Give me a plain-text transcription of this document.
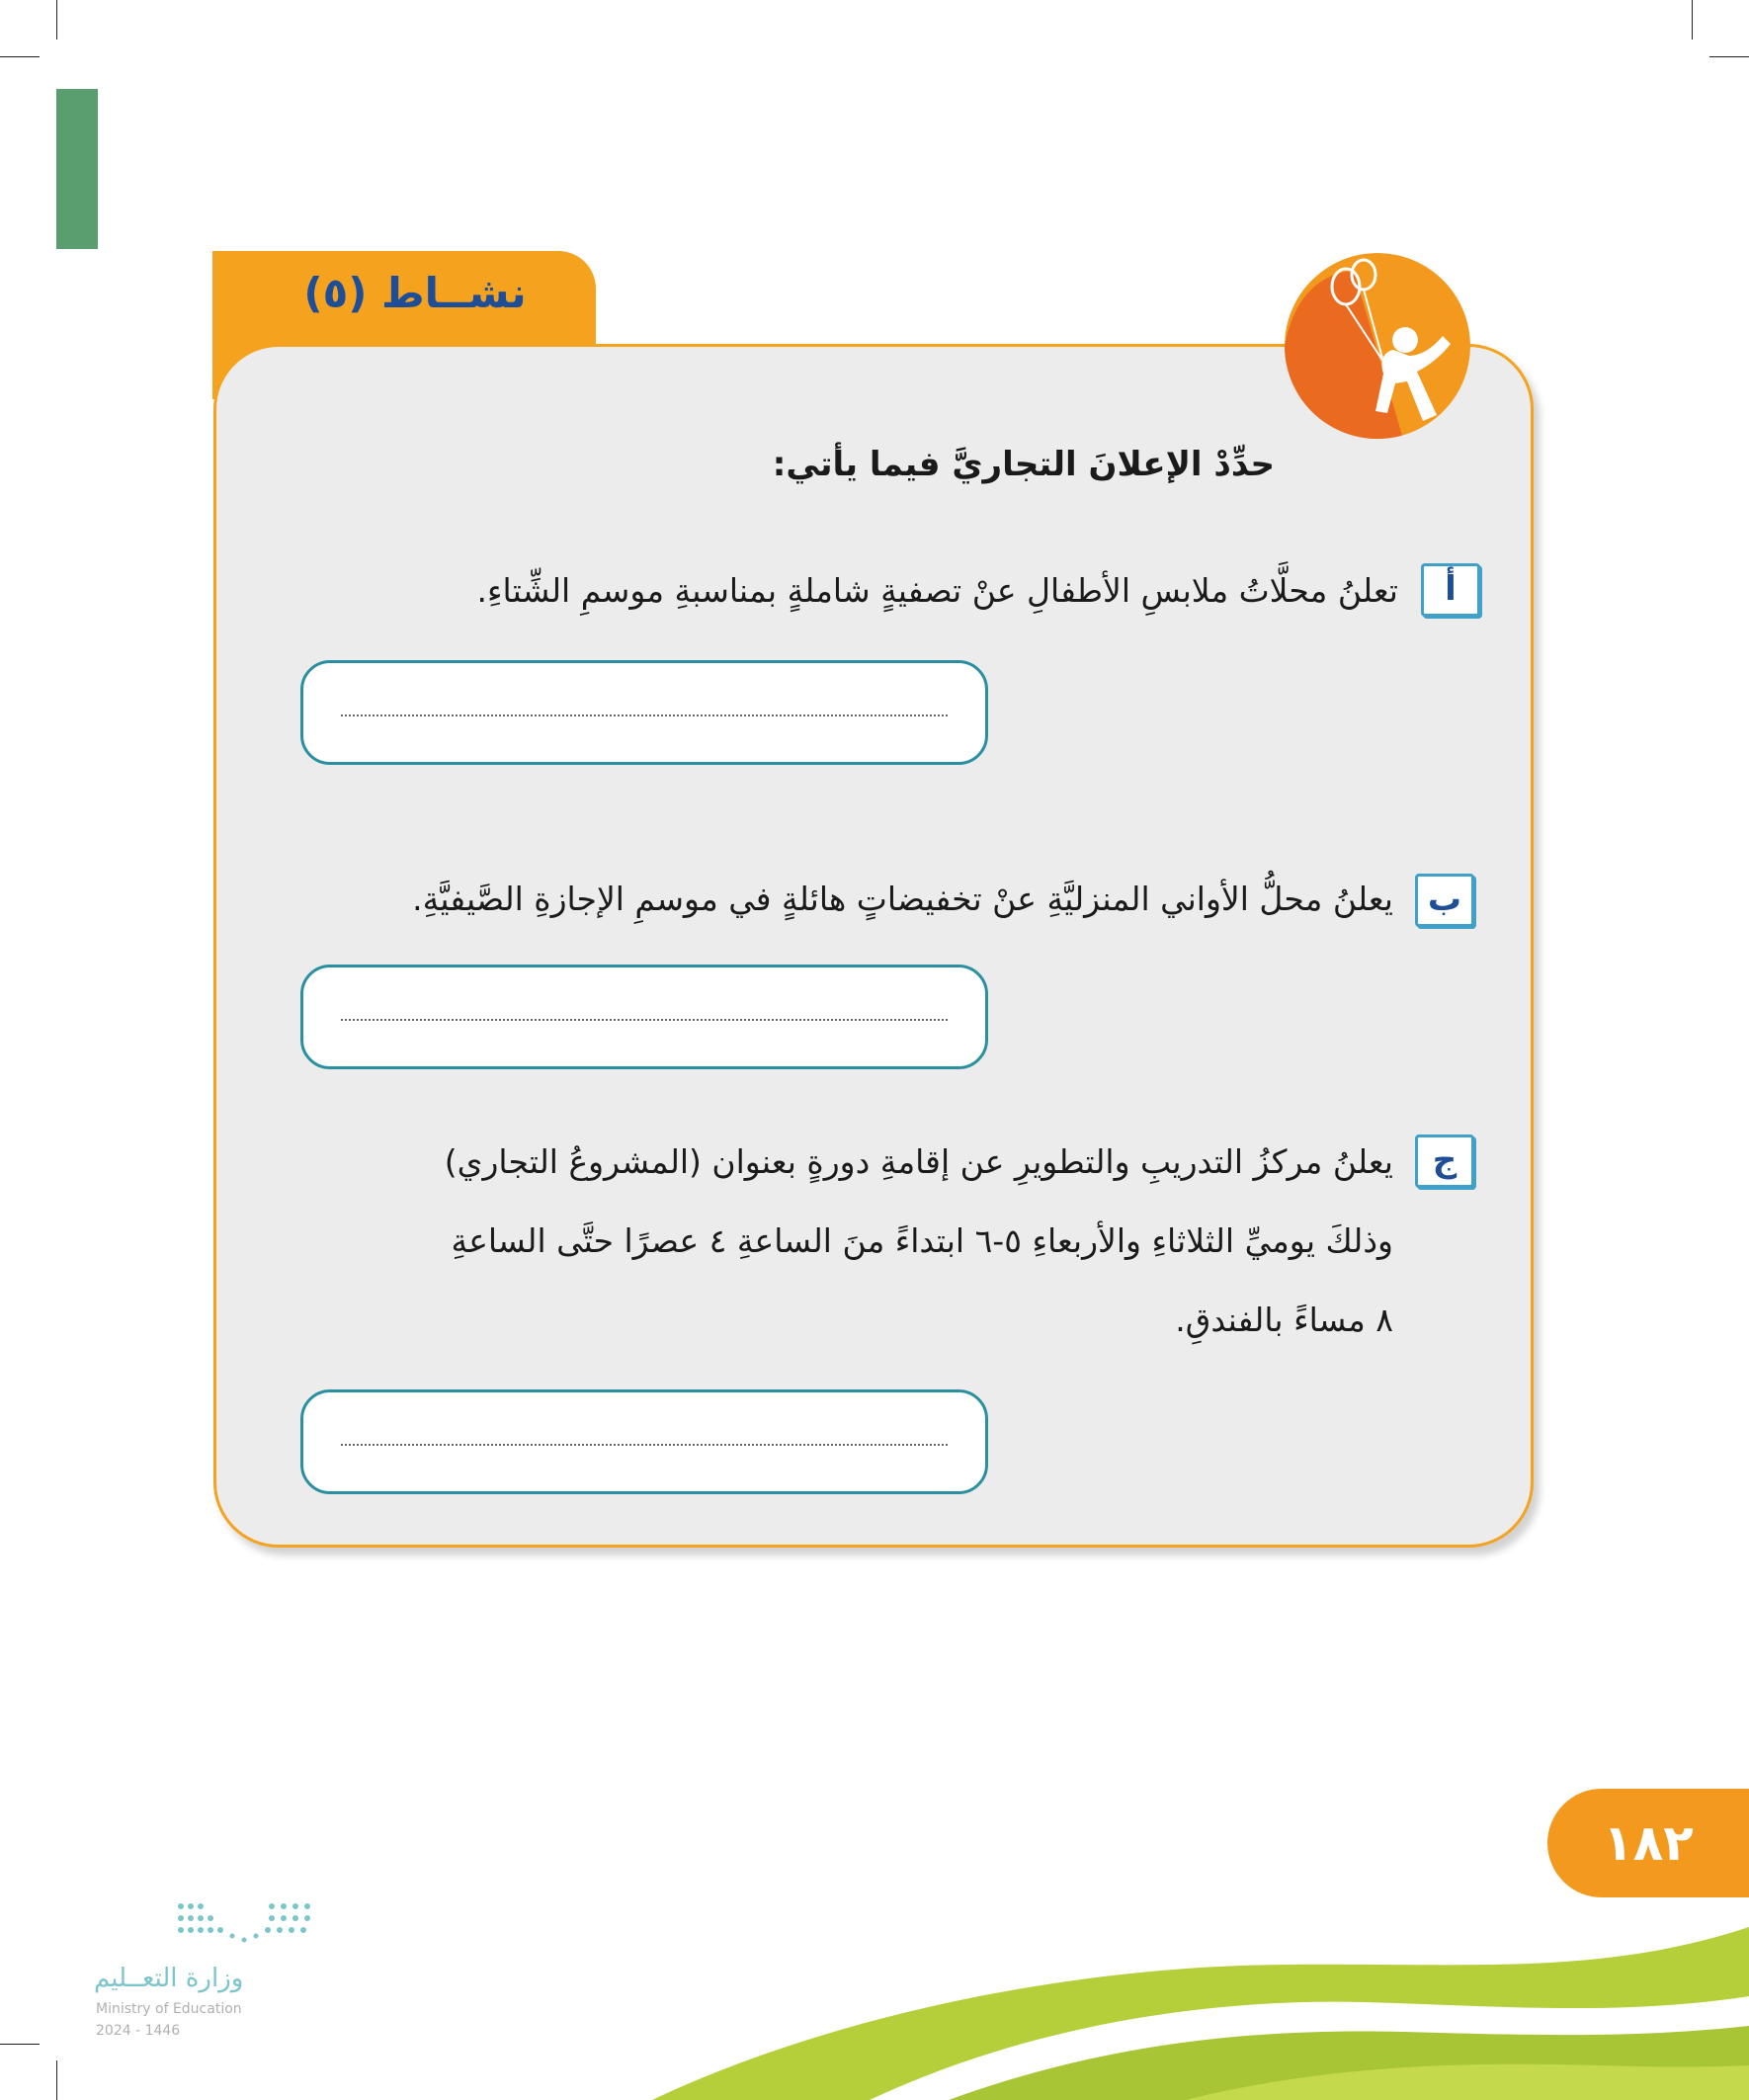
نشــاط (٥)
حدِّدْ الإعلانَ التجاريَّ فيما يأتي:
أ
تعلنُ محلَّاتُ ملابسِ الأطفالِ عنْ تصفيةٍ شاملةٍ بمناسبةِ موسمِ الشِّتاءِ.
ب
يعلنُ محلُّ الأواني المنزليَّةِ عنْ تخفيضاتٍ هائلةٍ في موسمِ الإجازةِ الصَّيفيَّةِ.
ج
يعلنُ مركزُ التدريبِ والتطويرِ عن إقامةِ دورةٍ بعنوان (المشروعُ التجاري)
وذلكَ يوميِّ الثلاثاءِ والأربعاءِ ٥-٦ ابتداءً منَ الساعةِ ٤ عصرًا حتَّى الساعةِ
٨ مساءً بالفندقِ.
١٨٢
وزارة التعــليم
Ministry of Education
2024 - 1446
